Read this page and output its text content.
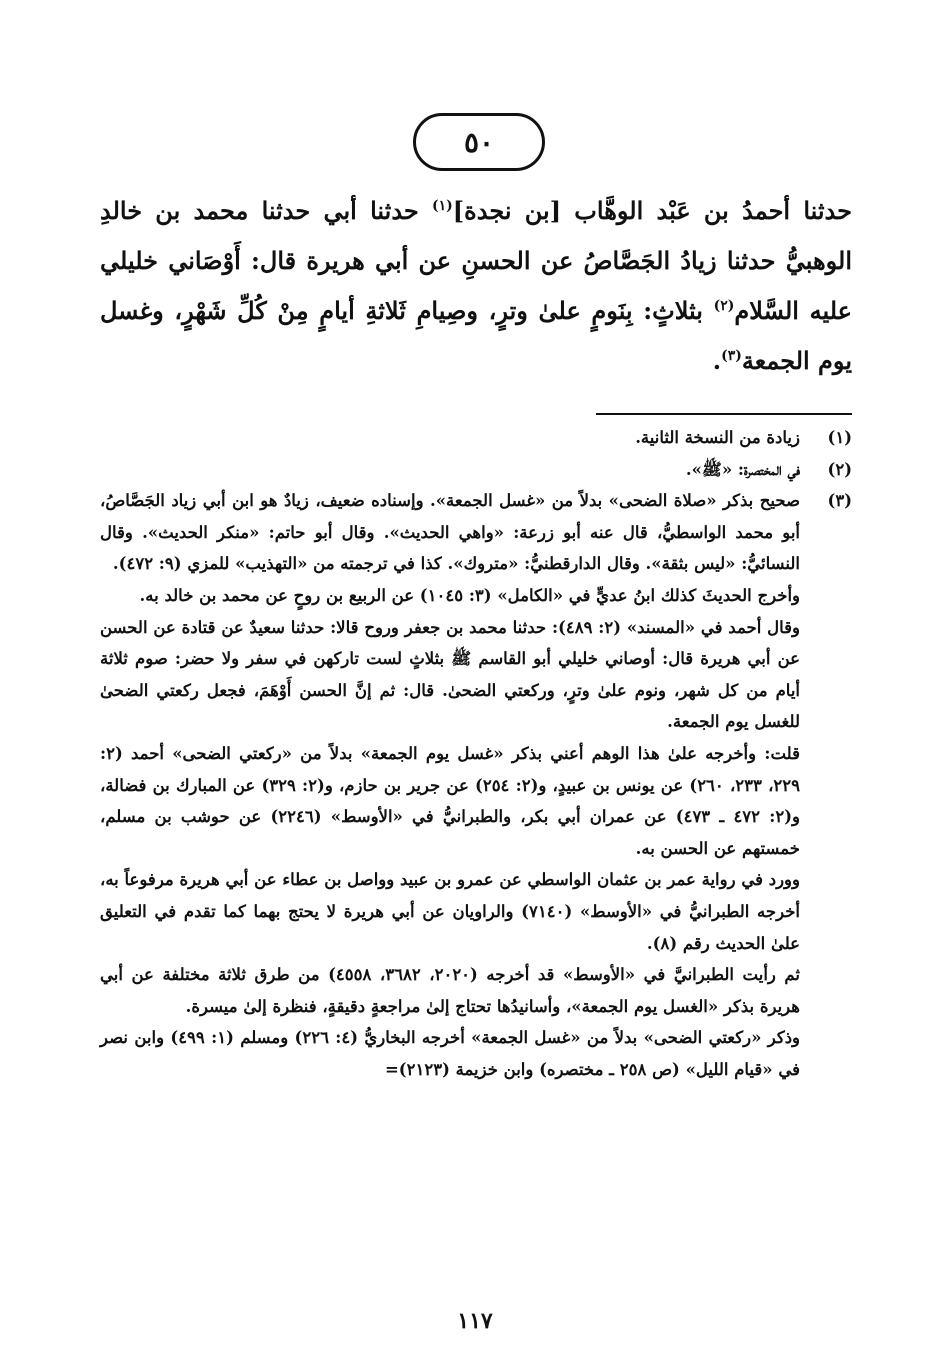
٥٠
حدثنا أحمدُ بن عَبْد الوهَّاب [بن نجدة]$^{(١)}$ حدثنا أبي حدثنا محمد بن خالدِ الوهبيُّ حدثنا زيادُ الجَصَّاصُ عن الحسنِ عن أبي هريرة قال: أَوْصَاني خليلي عليه السَّلام$^{(٢)}$ بثلاثٍ: بِنَومٍ علىٰ وترٍ، وصِيامِ ثَلاثةِ أيامٍ مِنْ كُلِّ شَهْرٍ، وغسل يوم الجمعة$^{(٣)}$.
(١)

زيادة من النسخة الثانية.

(٢)

في المختصرة: «ﷺ».

(٣)

صحيح بذكر «صلاة الضحى» بدلاً من «غسل الجمعة». وإسناده ضعيف، زيادٌ هو ابن أبي زياد الجَصَّاصُ، أبو محمد الواسطيُّ، قال عنه أبو زرعة: «واهي الحديث». وقال أبو حاتم: «منكر الحديث». وقال النسائيُّ: «ليس بثقة». وقال الدارقطنيُّ: «متروك». كذا في ترجمته من «التهذيب» للمزي (٩: ٤٧٢).

وأخرج الحديثَ كذلك ابنُ عديٍّ في «الكامل» (٣: ١٠٤٥) عن الربيع بن روحٍ عن محمد بن خالد به.

وقال أحمد في «المسند» (٢: ٤٨٩): حدثنا محمد بن جعفر وروح قالا: حدثنا سعيدٌ عن قتادة عن الحسن عن أبي هريرة قال: أوصاني خليلي أبو القاسم ﷺ بثلاثٍ لست تاركهن في سفر ولا حضر: صوم ثلاثة أيام من كل شهر، ونوم علىٰ وترٍ، وركعتي الضحىٰ. قال: ثم إنَّ الحسن أَوْهَمَ، فجعل ركعتي الضحىٰ للغسل يوم الجمعة.

قلت: وأخرجه علىٰ هذا الوهم أعني بذكر «غسل يوم الجمعة» بدلاً من «ركعتي الضحى» أحمد (٢: ٢٢٩، ٢٣٣، ٢٦٠) عن يونس بن عبيدٍ، و(٢: ٢٥٤) عن جرير بن حازم، و(٢: ٣٢٩) عن المبارك بن فضالة، و(٢: ٤٧٢ ـ ٤٧٣) عن عمران أبي بكر، والطبرانيُّ في «الأوسط» (٢٢٤٦) عن حوشب بن مسلم، خمستهم عن الحسن به.

وورد في رواية عمر بن عثمان الواسطي عن عمرو بن عبيد وواصل بن عطاء عن أبي هريرة مرفوعاً به، أخرجه الطبرانيُّ في «الأوسط» (٧١٤٠) والراويان عن أبي هريرة لا يحتج بهما كما تقدم في التعليق علىٰ الحديث رقم (٨).

ثم رأيت الطبرانيَّ في «الأوسط» قد أخرجه (٢٠٢٠، ٣٦٨٢، ٤٥٥٨) من طرق ثلاثة مختلفة عن أبي هريرة بذكر «الغسل يوم الجمعة»، وأسانيدُها تحتاج إلىٰ مراجعةٍ دقيقةٍ، فنظرة إلىٰ ميسرة.

وذكر «ركعتي الضحى» بدلاً من «غسل الجمعة» أخرجه البخاريُّ (٤: ٢٢٦) ومسلم (١: ٤٩٩) وابن نصر في «قيام الليل» (ص ٢٥٨ ـ مختصره) وابن خزيمة (٢١٢٣)=

١١٧
